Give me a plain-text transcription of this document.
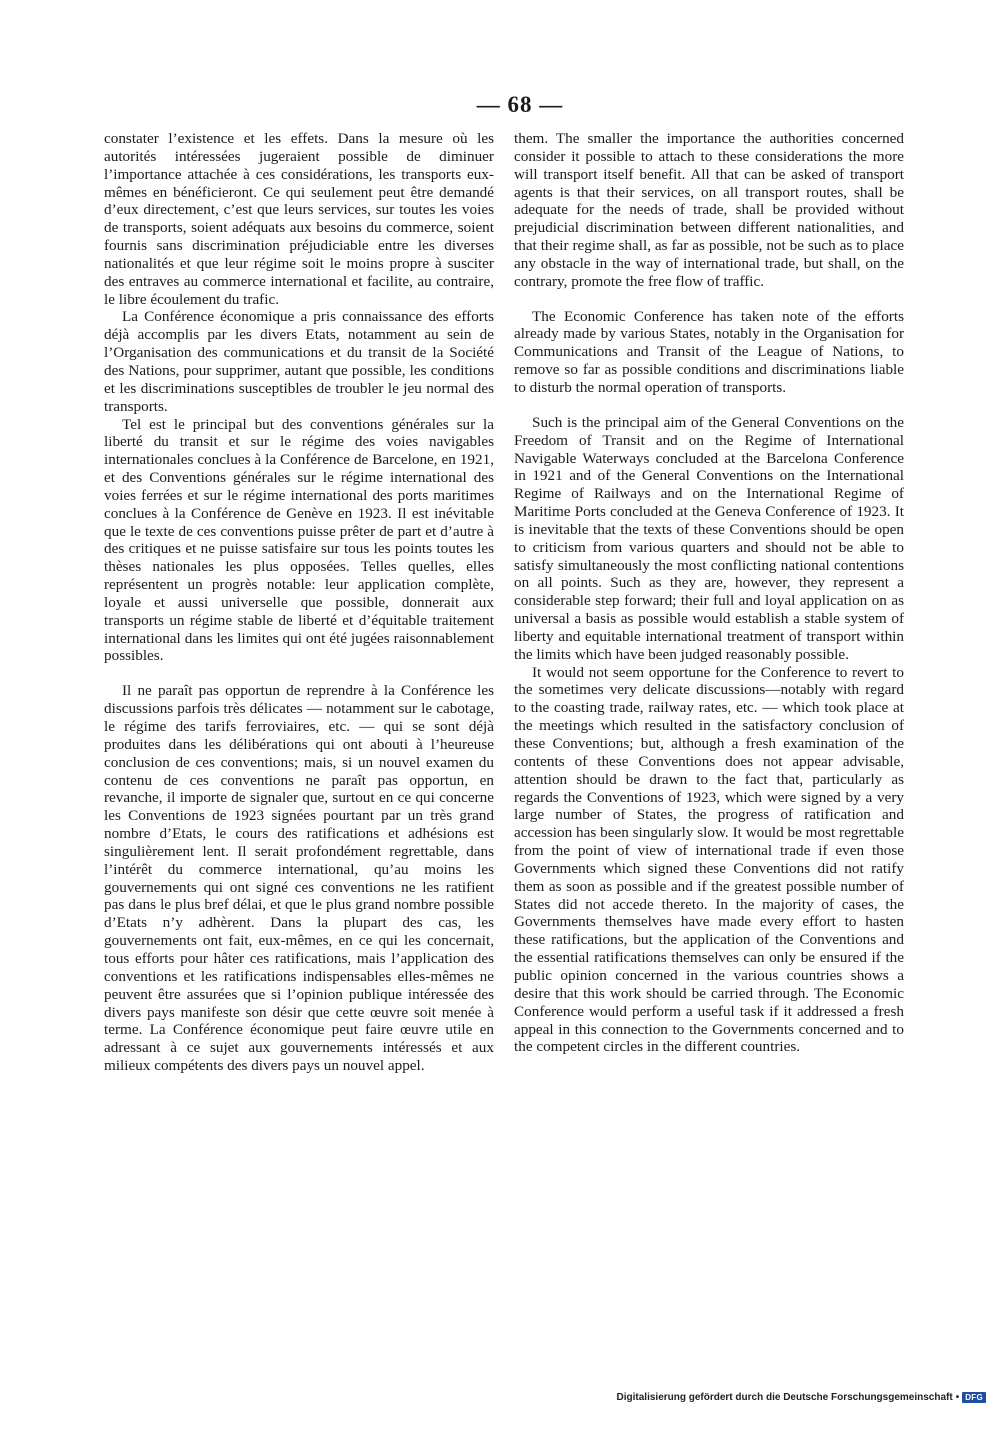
— 68 —

constater l’existence et les effets. Dans la mesure où les autorités intéressées jugeraient possible de diminuer l’importance attachée à ces considérations, les transports eux-mêmes en bénéficieront. Ce qui seulement peut être demandé d’eux directement, c’est que leurs services, sur toutes les voies de transports, soient adéquats aux besoins du commerce, soient fournis sans discrimination préjudiciable entre les diverses nationalités et que leur régime soit le moins propre à susciter des entraves au commerce international et facilite, au contraire, le libre écoulement du trafic.

La Conférence économique a pris connaissance des efforts déjà accomplis par les divers Etats, notamment au sein de l’Organisation des communications et du transit de la Société des Nations, pour supprimer, autant que possible, les conditions et les discriminations susceptibles de troubler le jeu normal des transports.

Tel est le principal but des conventions générales sur la liberté du transit et sur le régime des voies navigables internationales conclues à la Conférence de Barcelone, en 1921, et des Conventions générales sur le régime international des voies ferrées et sur le régime international des ports maritimes conclues à la Conférence de Genève en 1923. Il est inévitable que le texte de ces conventions puisse prêter de part et d’autre à des critiques et ne puisse satisfaire sur tous les points toutes les thèses nationales les plus opposées. Telles quelles, elles représentent un progrès notable: leur application complète, loyale et aussi universelle que possible, donnerait aux transports un régime stable de liberté et d’équitable traitement international dans les limites qui ont été jugées raisonnablement possibles.

Il ne paraît pas opportun de reprendre à la Conférence les discussions parfois très délicates — notamment sur le cabotage, le régime des tarifs ferroviaires, etc. — qui se sont déjà produites dans les délibérations qui ont abouti à l’heureuse conclusion de ces conventions; mais, si un nouvel examen du contenu de ces conventions ne paraît pas opportun, en revanche, il importe de signaler que, surtout en ce qui concerne les Conventions de 1923 signées pourtant par un très grand nombre d’Etats, le cours des ratifications et adhésions est singulièrement lent. Il serait profondément regrettable, dans l’intérêt du commerce international, qu’au moins les gouvernements qui ont signé ces conventions ne les ratifient pas dans le plus bref délai, et que le plus grand nombre possible d’Etats n’y adhèrent. Dans la plupart des cas, les gouvernements ont fait, eux-mêmes, en ce qui les concernait, tous efforts pour hâter ces ratifications, mais l’application des conventions et les ratifications indispensables elles-mêmes ne peuvent être assurées que si l’opinion publique intéressée des divers pays manifeste son désir que cette œuvre soit menée à terme. La Conférence économique peut faire œuvre utile en adressant à ce sujet aux gouvernements intéressés et aux milieux compétents des divers pays un nouvel appel.

them. The smaller the importance the authorities concerned consider it possible to attach to these considerations the more will transport itself benefit. All that can be asked of transport agents is that their services, on all transport routes, shall be adequate for the needs of trade, shall be provided without prejudicial discrimination between different nationalities, and that their regime shall, as far as possible, not be such as to place any obstacle in the way of international trade, but shall, on the contrary, promote the free flow of traffic.

The Economic Conference has taken note of the efforts already made by various States, notably in the Organisation for Communications and Transit of the League of Nations, to remove so far as possible conditions and discriminations liable to disturb the normal operation of transports.

Such is the principal aim of the General Conventions on the Freedom of Transit and on the Regime of International Navigable Waterways concluded at the Barcelona Conference in 1921 and of the General Conventions on the International Regime of Railways and on the International Regime of Maritime Ports concluded at the Geneva Conference of 1923. It is inevitable that the texts of these Conventions should be open to criticism from various quarters and should not be able to satisfy simultaneously the most conflicting national contentions on all points. Such as they are, however, they represent a considerable step forward; their full and loyal application on as universal a basis as possible would establish a stable system of liberty and equitable international treatment of transport within the limits which have been judged reasonably possible.

It would not seem opportune for the Conference to revert to the sometimes very delicate discussions—notably with regard to the coasting trade, railway rates, etc. — which took place at the meetings which resulted in the satisfactory conclusion of these Conventions; but, although a fresh examination of the contents of these Conventions does not appear advisable, attention should be drawn to the fact that, particularly as regards the Conventions of 1923, which were signed by a very large number of States, the progress of ratification and accession has been singularly slow. It would be most regrettable from the point of view of international trade if even those Governments which signed these Conventions did not ratify them as soon as possible and if the greatest possible number of States did not accede thereto. In the majority of cases, the Governments themselves have made every effort to hasten these ratifications, but the application of the Conventions and the essential ratifications themselves can only be ensured if the public opinion concerned in the various countries shows a desire that this work should be carried through. The Economic Conference would perform a useful task if it addressed a fresh appeal in this connection to the Governments concerned and to the competent circles in the different countries.

Digitalisierung gefördert durch die Deutsche Forschungsgemeinschaft • DFG
